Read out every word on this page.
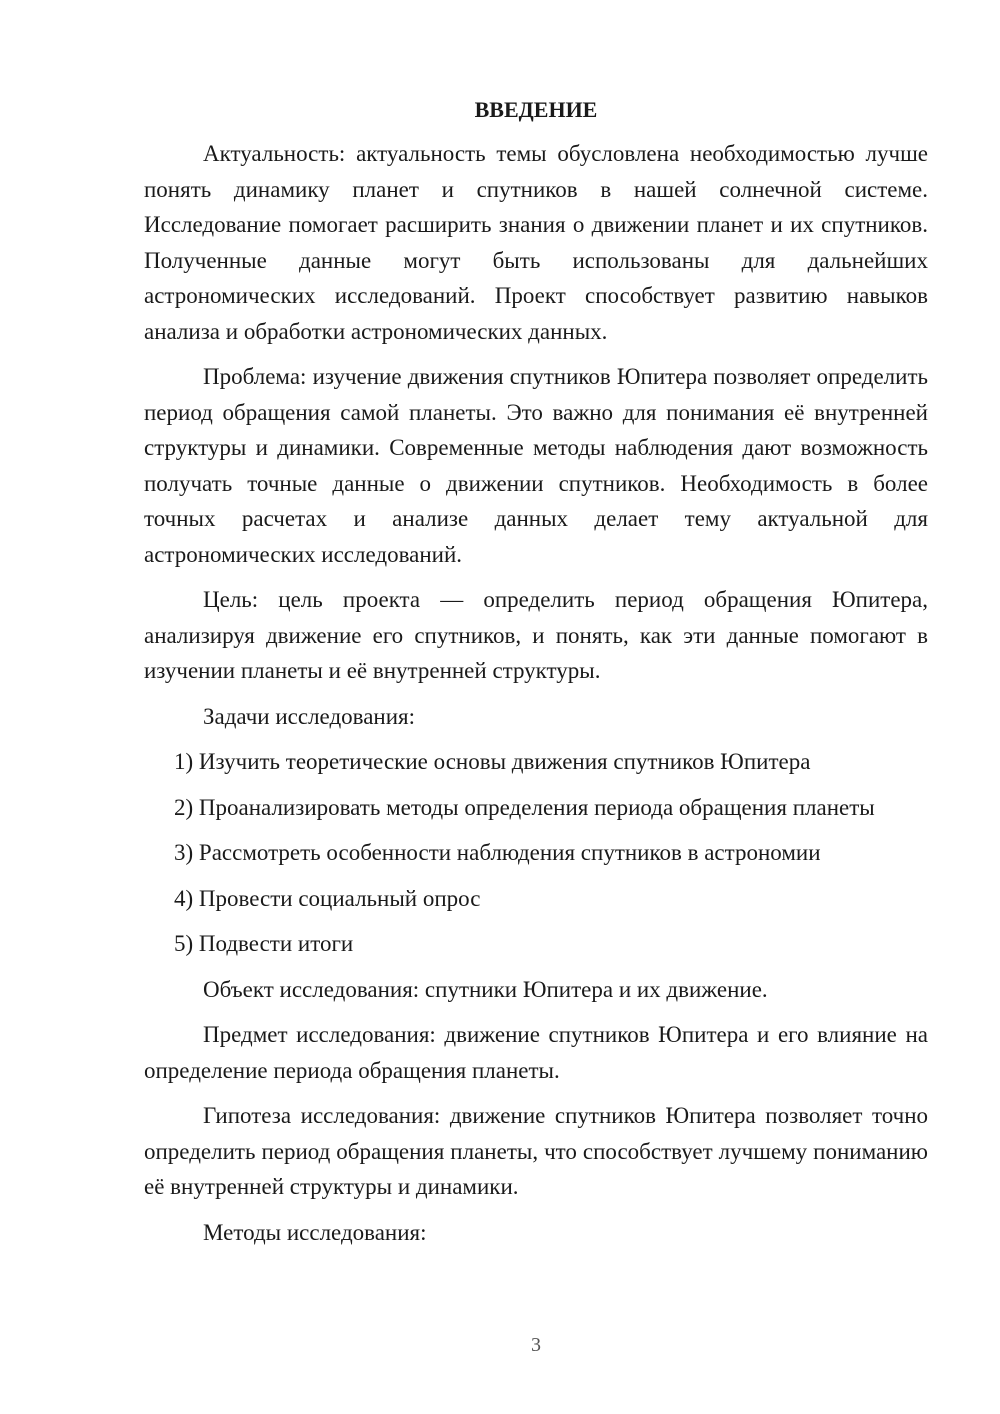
ВВЕДЕНИЕ

Актуальность: актуальность темы обусловлена необходимостью лучше понять динамику планет и спутников в нашей солнечной системе. Исследование помогает расширить знания о движении планет и их спутников. Полученные данные могут быть использованы для дальнейших астрономических исследований. Проект способствует развитию навыков анализа и обработки астрономических данных.

Проблема: изучение движения спутников Юпитера позволяет определить период обращения самой планеты. Это важно для понимания её внутренней структуры и динамики. Современные методы наблюдения дают возможность получать точные данные о движении спутников. Необходимость в более точных расчетах и анализе данных делает тему актуальной для астрономических исследований.

Цель: цель проекта — определить период обращения Юпитера, анализируя движение его спутников, и понять, как эти данные помогают в изучении планеты и её внутренней структуры.

Задачи исследования:

1) Изучить теоретические основы движения спутников Юпитера

2) Проанализировать методы определения периода обращения планеты

3) Рассмотреть особенности наблюдения спутников в астрономии

4) Провести социальный опрос

5) Подвести итоги

Объект исследования: спутники Юпитера и их движение.

Предмет исследования: движение спутников Юпитера и его влияние на определение периода обращения планеты.

Гипотеза исследования: движение спутников Юпитера позволяет точно определить период обращения планеты, что способствует лучшему пониманию её внутренней структуры и динамики.

Методы исследования:

3
